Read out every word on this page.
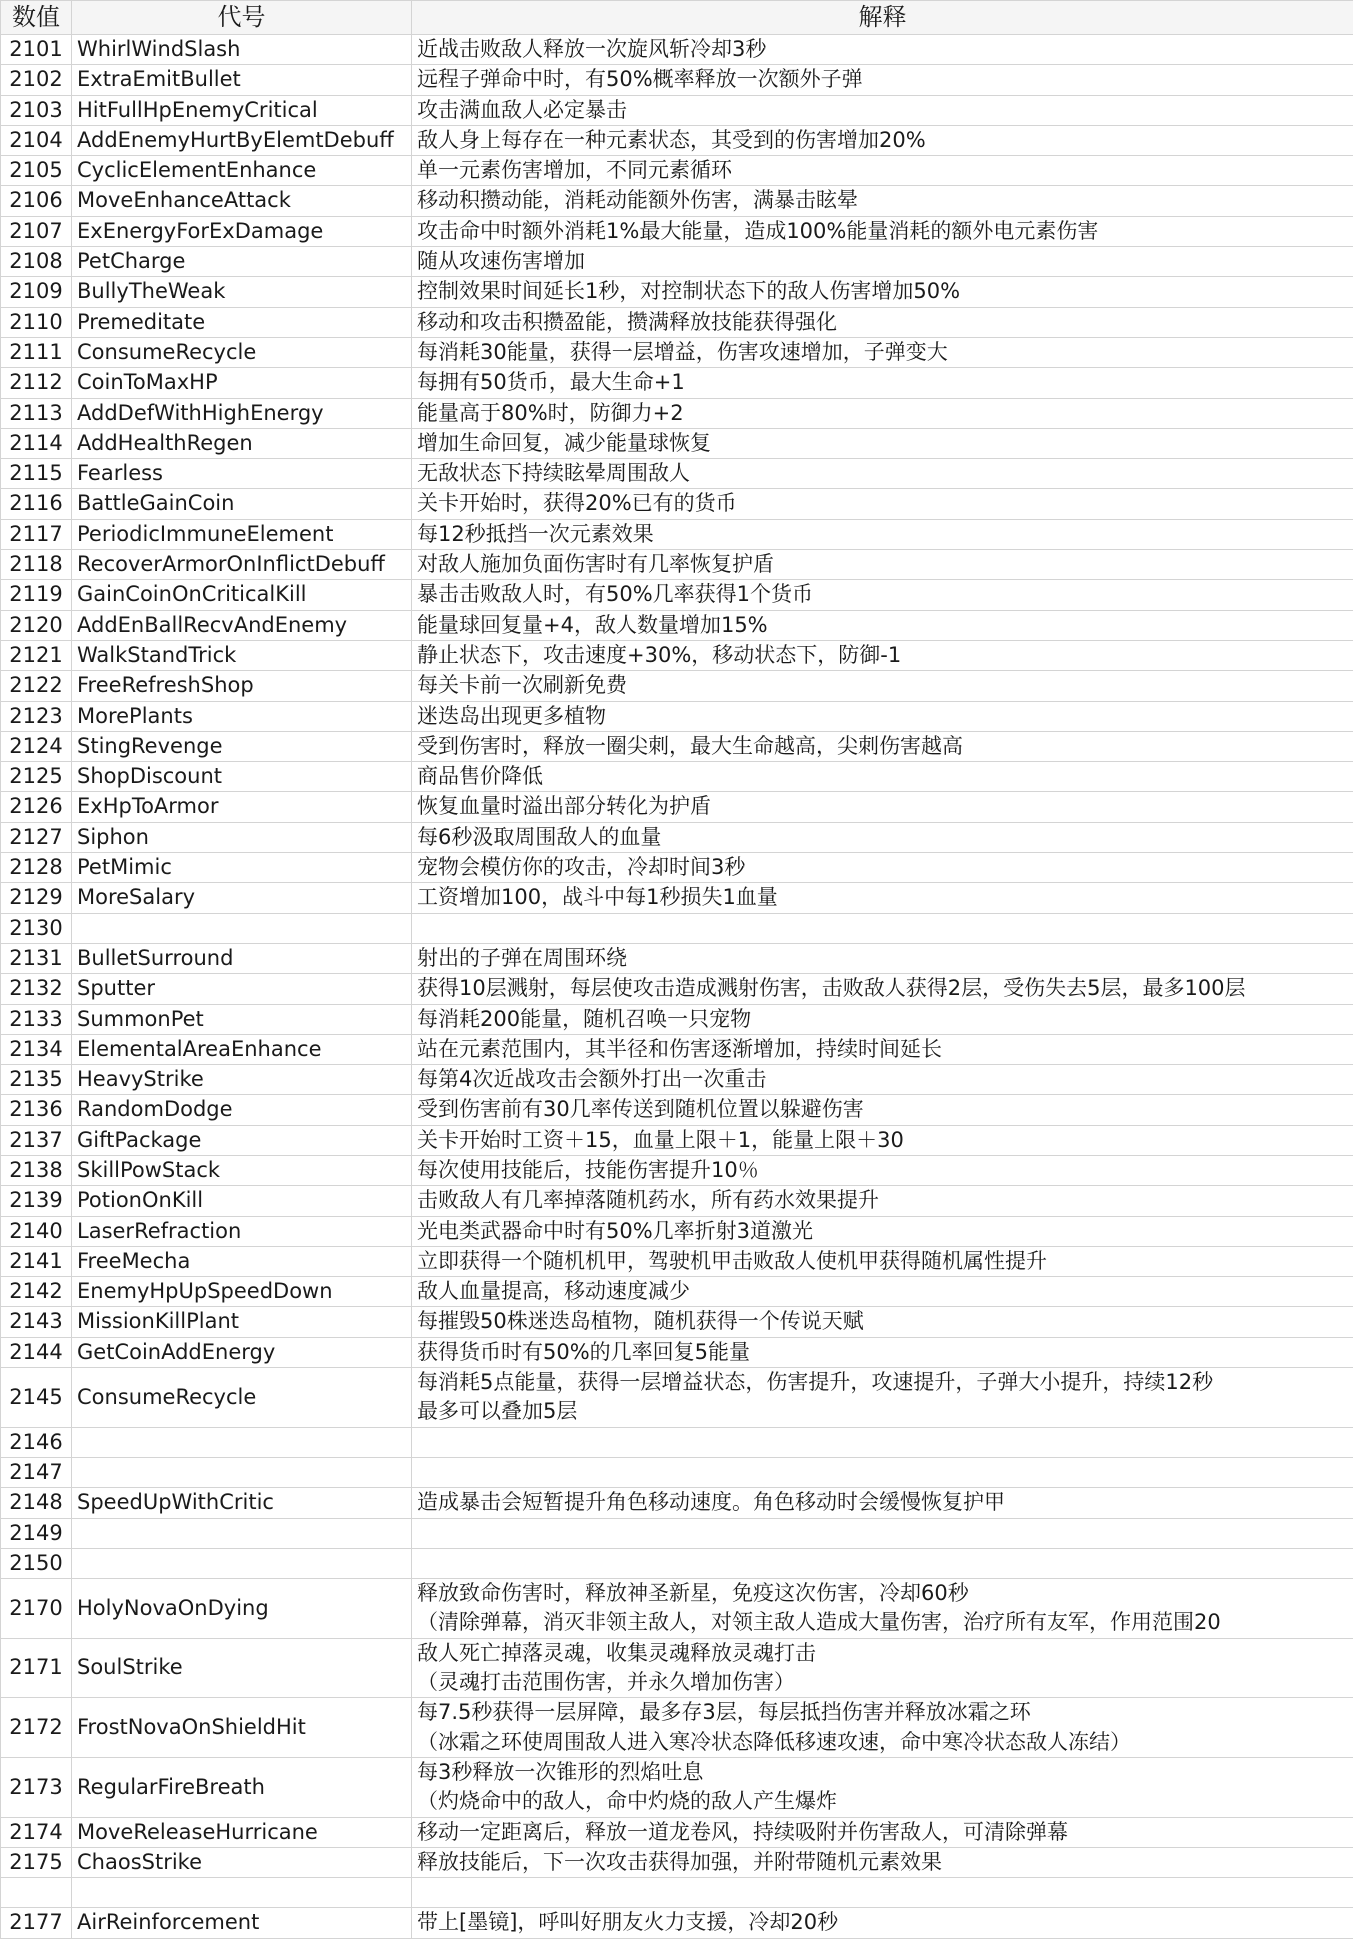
数值	代号	解释
2101	WhirlWindSlash	近战击败敌人释放一次旋风斩冷却3秒

2102	ExtraEmitBullet	远程子弹命中时，有50%概率释放一次额外子弹

2103	HitFullHpEnemyCritical	攻击满血敌人必定暴击

2104	AddEnemyHurtByElemtDebuff	敌人身上每存在一种元素状态，其受到的伤害增加20%

2105	CyclicElementEnhance	单一元素伤害增加，不同元素循环

2106	MoveEnhanceAttack	移动积攒动能，消耗动能额外伤害，满暴击眩晕

2107	ExEnergyForExDamage	攻击命中时额外消耗1%最大能量，造成100%能量消耗的额外电元素伤害

2108	PetCharge	随从攻速伤害增加

2109	BullyTheWeak	控制效果时间延长1秒，对控制状态下的敌人伤害增加50%

2110	Premeditate	移动和攻击积攒盈能，攒满释放技能获得强化

2111	ConsumeRecycle	每消耗30能量，获得一层增益，伤害攻速增加，子弹变大

2112	CoinToMaxHP	每拥有50货币，最大生命+1

2113	AddDefWithHighEnergy	能量高于80%时，防御力+2

2114	AddHealthRegen	增加生命回复，减少能量球恢复

2115	Fearless	无敌状态下持续眩晕周围敌人

2116	BattleGainCoin	关卡开始时，获得20%已有的货币

2117	PeriodicImmuneElement	每12秒抵挡一次元素效果

2118	RecoverArmorOnInflictDebuff	对敌人施加负面伤害时有几率恢复护盾

2119	GainCoinOnCriticalKill	暴击击败敌人时，有50%几率获得1个货币

2120	AddEnBallRecvAndEnemy	能量球回复量+4，敌人数量增加15%

2121	WalkStandTrick	静止状态下，攻击速度+30%，移动状态下，防御-1

2122	FreeRefreshShop	每关卡前一次刷新免费

2123	MorePlants	迷迭岛出现更多植物

2124	StingRevenge	受到伤害时，释放一圈尖刺，最大生命越高，尖刺伤害越高

2125	ShopDiscount	商品售价降低

2126	ExHpToArmor	恢复血量时溢出部分转化为护盾

2127	Siphon	每6秒汲取周围敌人的血量

2128	PetMimic	宠物会模仿你的攻击，冷却时间3秒

2129	MoreSalary	工资增加100，战斗中每1秒损失1血量

2130		

2131	BulletSurround	射出的子弹在周围环绕

2132	Sputter	获得10层溅射，每层使攻击造成溅射伤害，击败敌人获得2层，受伤失去5层，最多100层

2133	SummonPet	每消耗200能量，随机召唤一只宠物

2134	ElementalAreaEnhance	站在元素范围内，其半径和伤害逐渐增加，持续时间延长

2135	HeavyStrike	每第4次近战攻击会额外打出一次重击

2136	RandomDodge	受到伤害前有30几率传送到随机位置以躲避伤害

2137	GiftPackage	关卡开始时工资＋15，血量上限＋1，能量上限＋30

2138	SkillPowStack	每次使用技能后，技能伤害提升10％

2139	PotionOnKill	击败敌人有几率掉落随机药水，所有药水效果提升

2140	LaserRefraction	光电类武器命中时有50%几率折射3道激光

2141	FreeMecha	立即获得一个随机机甲，驾驶机甲击败敌人使机甲获得随机属性提升

2142	EnemyHpUpSpeedDown	敌人血量提高，移动速度减少

2143	MissionKillPlant	每摧毁50株迷迭岛植物，随机获得一个传说天赋

2144	GetCoinAddEnergy	获得货币时有50%的几率回复5能量

2145	ConsumeRecycle	每消耗5点能量，获得一层增益状态，伤害提升，攻速提升，子弹大小提升，持续12秒
最多可以叠加5层

2146		

2147		

2148	SpeedUpWithCritic	造成暴击会短暂提升角色移动速度。角色移动时会缓慢恢复护甲

2149		

2150		

2170	HolyNovaOnDying	释放致命伤害时，释放神圣新星，免疫这次伤害，冷却60秒
（清除弹幕，消灭非领主敌人，对领主敌人造成大量伤害，治疗所有友军，作用范围20

2171	SoulStrike	敌人死亡掉落灵魂，收集灵魂释放灵魂打击
（灵魂打击范围伤害，并永久增加伤害）

2172	FrostNovaOnShieldHit	每7.5秒获得一层屏障，最多存3层，每层抵挡伤害并释放冰霜之环
（冰霜之环使周围敌人进入寒冷状态降低移速攻速，命中寒冷状态敌人冻结）

2173	RegularFireBreath	每3秒释放一次锥形的烈焰吐息
（灼烧命中的敌人，命中灼烧的敌人产生爆炸

2174	MoveReleaseHurricane	移动一定距离后，释放一道龙卷风，持续吸附并伤害敌人，可清除弹幕

2175	ChaosStrike	释放技能后，下一次攻击获得加强，并附带随机元素效果

2177	AirReinforcement	带上[墨镜]，呼叫好朋友火力支援，冷却20秒
